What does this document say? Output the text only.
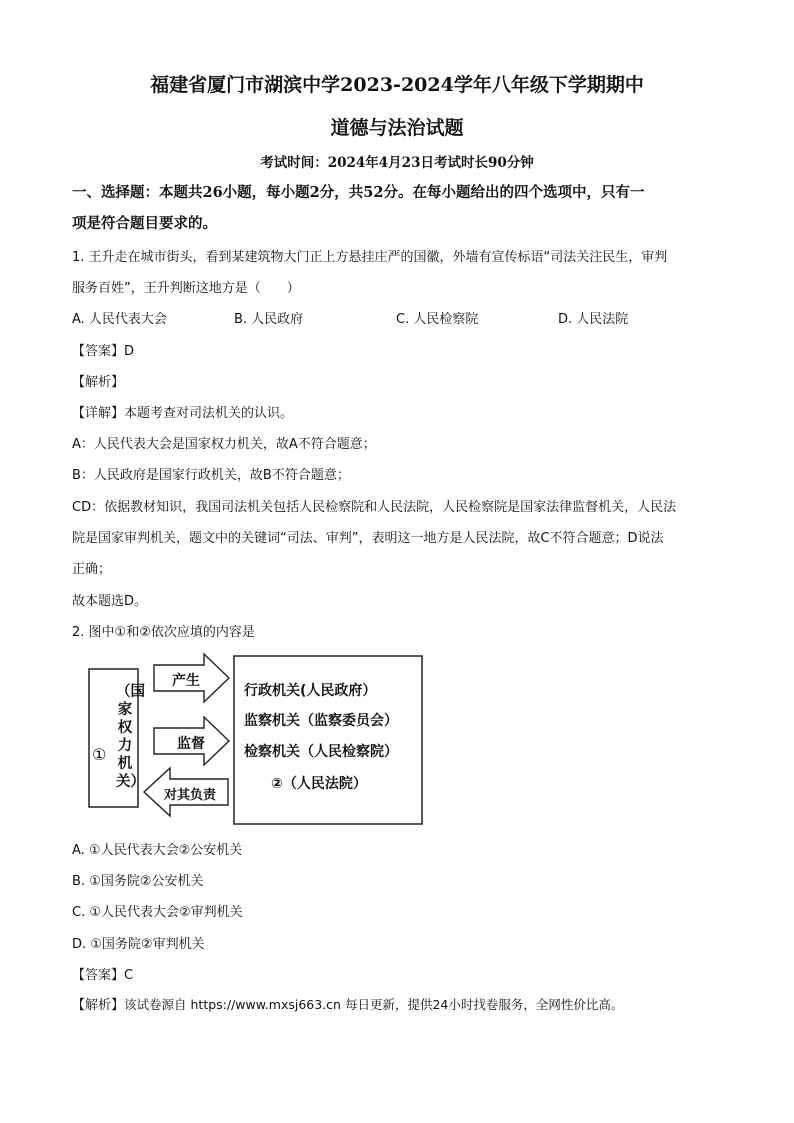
福建省厦门市湖滨中学2023-2024学年八年级下学期期中
道德与法治试题
考试时间：2024年4月23日考试时长90分钟
一、选择题：本题共26小题，每小题2分，共52分。在每小题给出的四个选项中，只有一
项是符合题目要求的。
1. 王升走在城市街头，看到某建筑物大门正上方悬挂庄严的国徽，外墙有宣传标语“司法关注民生，审判
服务百姓”，王升判断这地方是（　　）
A. 人民代表大会	B. 人民政府	C. 人民检察院	D. 人民法院
【答案】D
【解析】
【详解】本题考查对司法机关的认识。
A：人民代表大会是国家权力机关，故A不符合题意；
B：人民政府是国家行政机关，故B不符合题意；
CD：依据教材知识，我国司法机关包括人民检察院和人民法院，人民检察院是国家法律监督机关，人民法
院是国家审判机关，题文中的关键词“司法、审判”，表明这一地方是人民法院，故C不符合题意；D说法
正确；
故本题选D。
2. 图中①和②依次应填的内容是
（国家权力机关）
①
产生
监督
对其负责
行政机关(人民政府）
监察机关（监察委员会）
检察机关（人民检察院）
②（人民法院）
A. ①人民代表大会②公安机关
B. ①国务院②公安机关
C. ①人民代表大会②审判机关
D. ①国务院②审判机关
【答案】C
【解析】该试卷源自 https://www.mxsj663.cn 每日更新，提供24小时找卷服务，全网性价比高。
